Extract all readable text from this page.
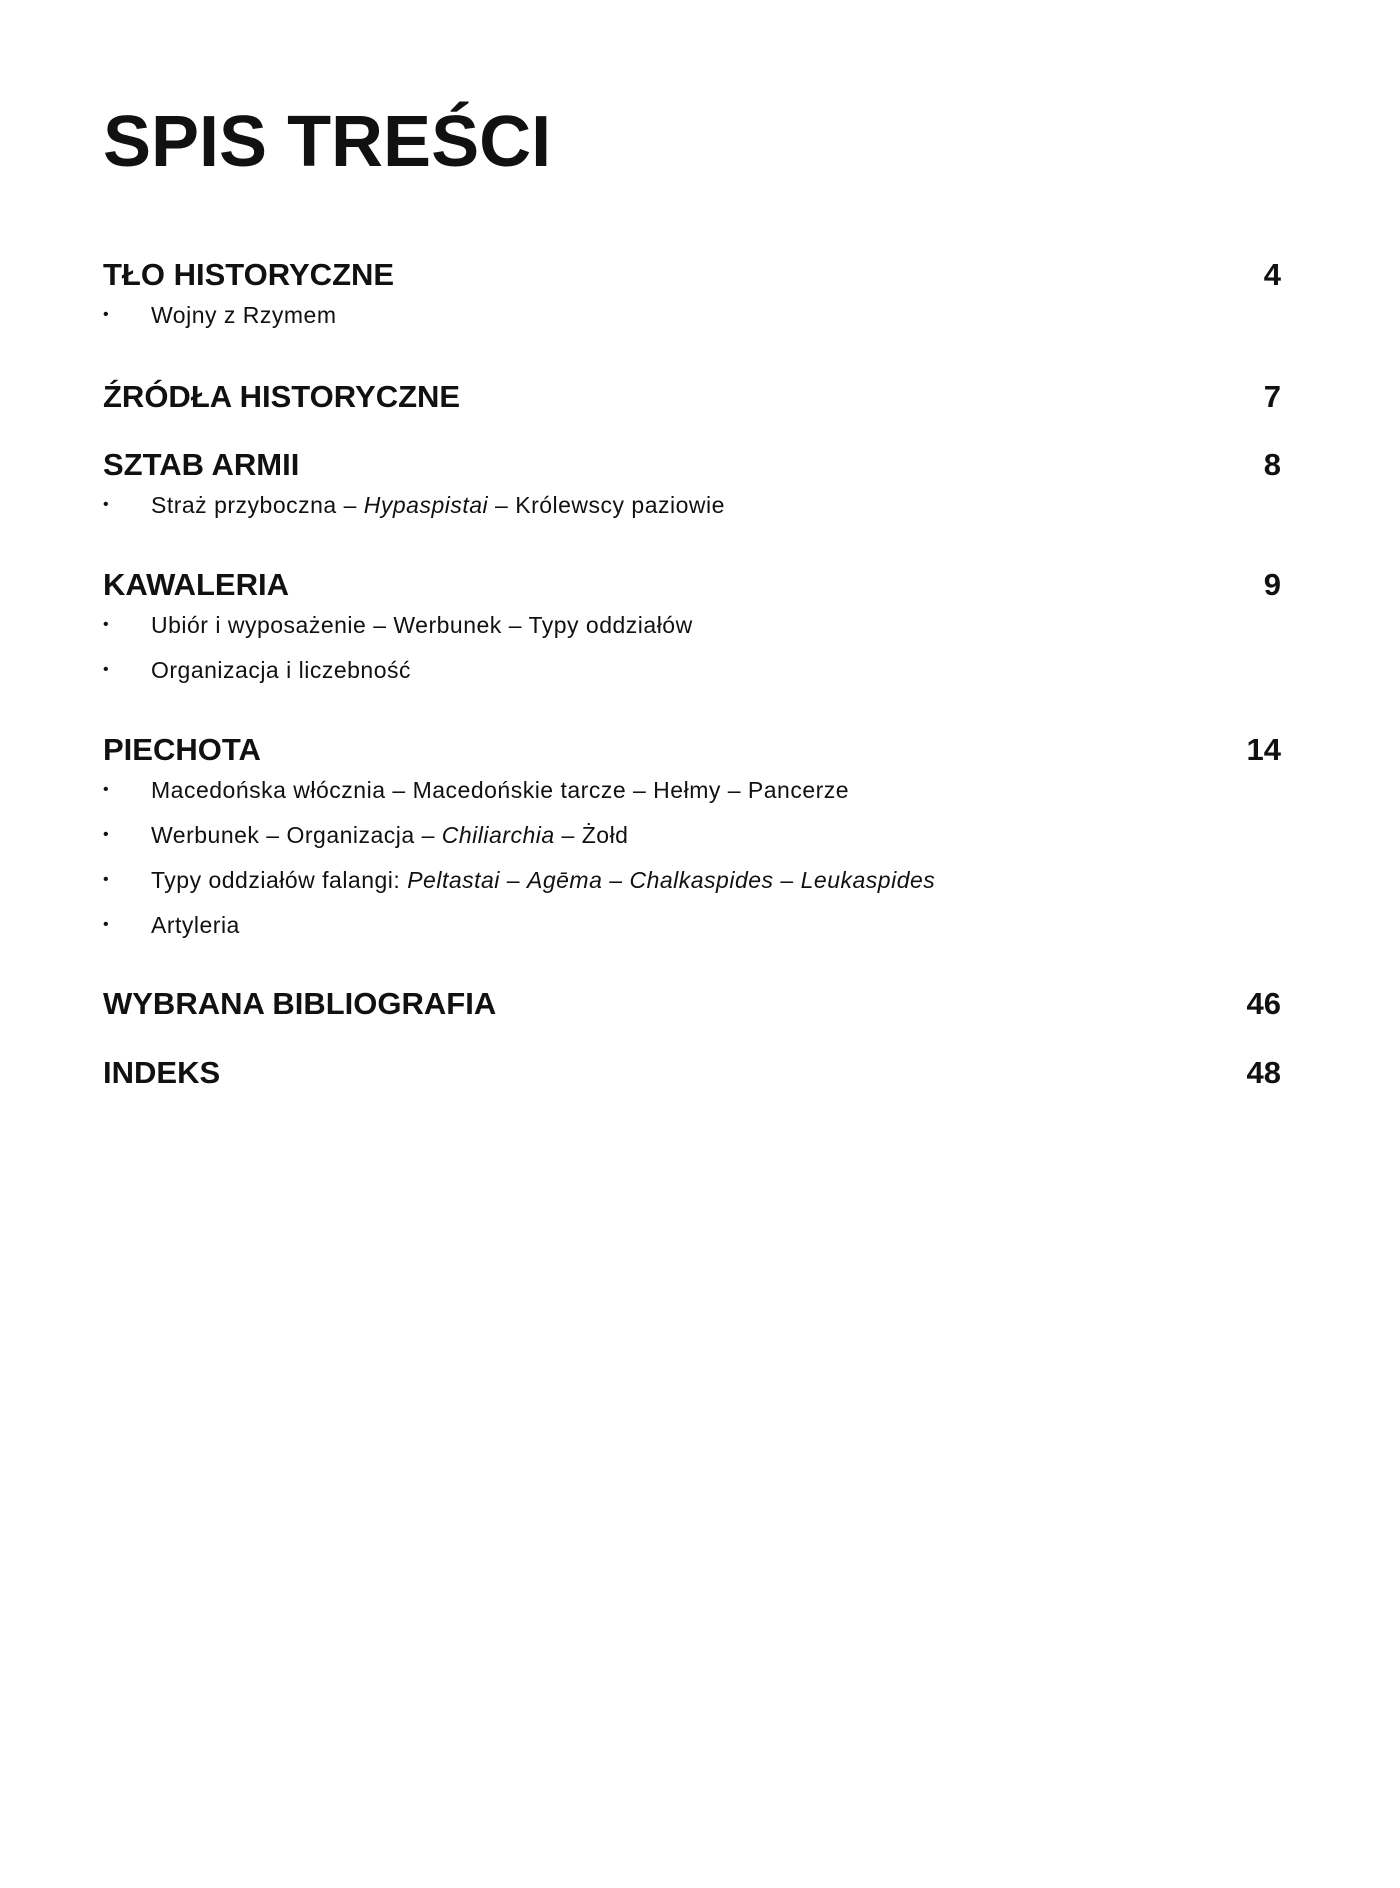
SPIS TREŚCI
TŁO HISTORYCZNE	4
• Wojny z Rzymem
ŹRÓDŁA HISTORYCZNE	7
SZTAB ARMII	8
• Straż przyboczna – Hypaspistai – Królewscy paziowie
KAWALERIA	9
• Ubiór i wyposażenie – Werbunek – Typy oddziałów
• Organizacja i liczebność
PIECHOTA	14
• Macedońska włócznia – Macedońskie tarcze – Hełmy – Pancerze
• Werbunek – Organizacja – Chiliarchia – Żołd
• Typy oddziałów falangi: Peltastai – Agēma – Chalkaspides – Leukaspides
• Artyleria
WYBRANA BIBLIOGRAFIA	46
INDEKS	48
